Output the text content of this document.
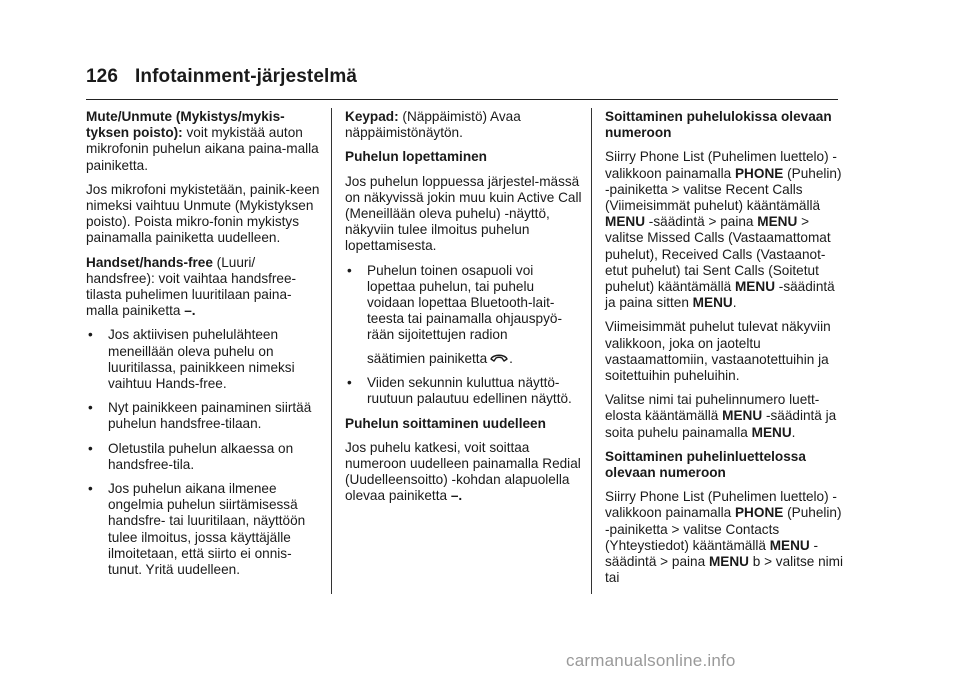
126 Infotainment-järjestelmä

Mute/Unmute (Mykistys/mykis-tyksen poisto): voit mykistää auton mikrofonin puhelun aikana paina-malla painiketta.

Jos mikrofoni mykistetään, painik-keen nimeksi vaihtuu Unmute (Mykistyksen poisto). Poista mikro-fonin mykistys painamalla painiketta uudelleen.

Handset/hands-free (Luuri/ handsfree): voit vaihtaa handsfree-tilasta puhelimen luuritilaan paina-malla painiketta –.

• Jos aktiivisen puhelulähteen meneillään oleva puhelu on luuritilassa, painikkeen nimeksi vaihtuu Hands-free.
• Nyt painikkeen painaminen siirtää puhelun handsfree-tilaan.
• Oletustila puhelun alkaessa on handsfree-tila.
• Jos puhelun aikana ilmenee ongelmia puhelun siirtämisessä handsfre- tai luuritilaan, näyttöön tulee ilmoitus, jossa käyttäjälle ilmoitetaan, että siirto ei onnis-tunut. Yritä uudelleen.

Keypad: (Näppäimistö) Avaa näppäimistönäytön.

Puhelun lopettaminen

Jos puhelun loppuessa järjestel-mässä on näkyvissä jokin muu kuin Active Call (Meneillään oleva puhelu) -näyttö, näkyviin tulee ilmoitus puhelun lopettamisesta.

• Puhelun toinen osapuoli voi lopettaa puhelun, tai puhelu voidaan lopettaa Bluetooth-lait-teesta tai painamalla ohjauspyö-rään sijoitettujen radion
säätimien painiketta .
• Viiden sekunnin kuluttua näyttö-ruutuun palautuu edellinen näyttö.

Puhelun soittaminen uudelleen

Jos puhelu katkesi, voit soittaa numeroon uudelleen painamalla Redial (Uudelleensoitto) -kohdan alapuolella olevaa painiketta –.

Soittaminen puhelulokissa olevaan numeroon

Siirry Phone List (Puhelimen luettelo) -valikkoon painamalla PHONE (Puhelin) -painiketta > valitse Recent Calls (Viimeisimmät puhelut) kääntämällä MENU -säädintä > paina MENU > valitse Missed Calls (Vastaamattomat puhelut), Received Calls (Vastaanot-etut puhelut) tai Sent Calls (Soitetut puhelut) kääntämällä MENU -säädintä ja paina sitten MENU.

Viimeisimmät puhelut tulevat näkyviin valikkoon, joka on jaoteltu vastaamattomiin, vastaanotettuihin ja soitettuihin puheluihin.

Valitse nimi tai puhelinnumero luett-elosta kääntämällä MENU -säädintä ja soita puhelu painamalla MENU.

Soittaminen puhelinluettelossa olevaan numeroon

Siirry Phone List (Puhelimen luettelo) -valikkoon painamalla PHONE (Puhelin) -painiketta > valitse Contacts (Yhteystiedot) kääntämällä MENU -säädintä > paina MENU b > valitse nimi tai

carmanualsonline.info
